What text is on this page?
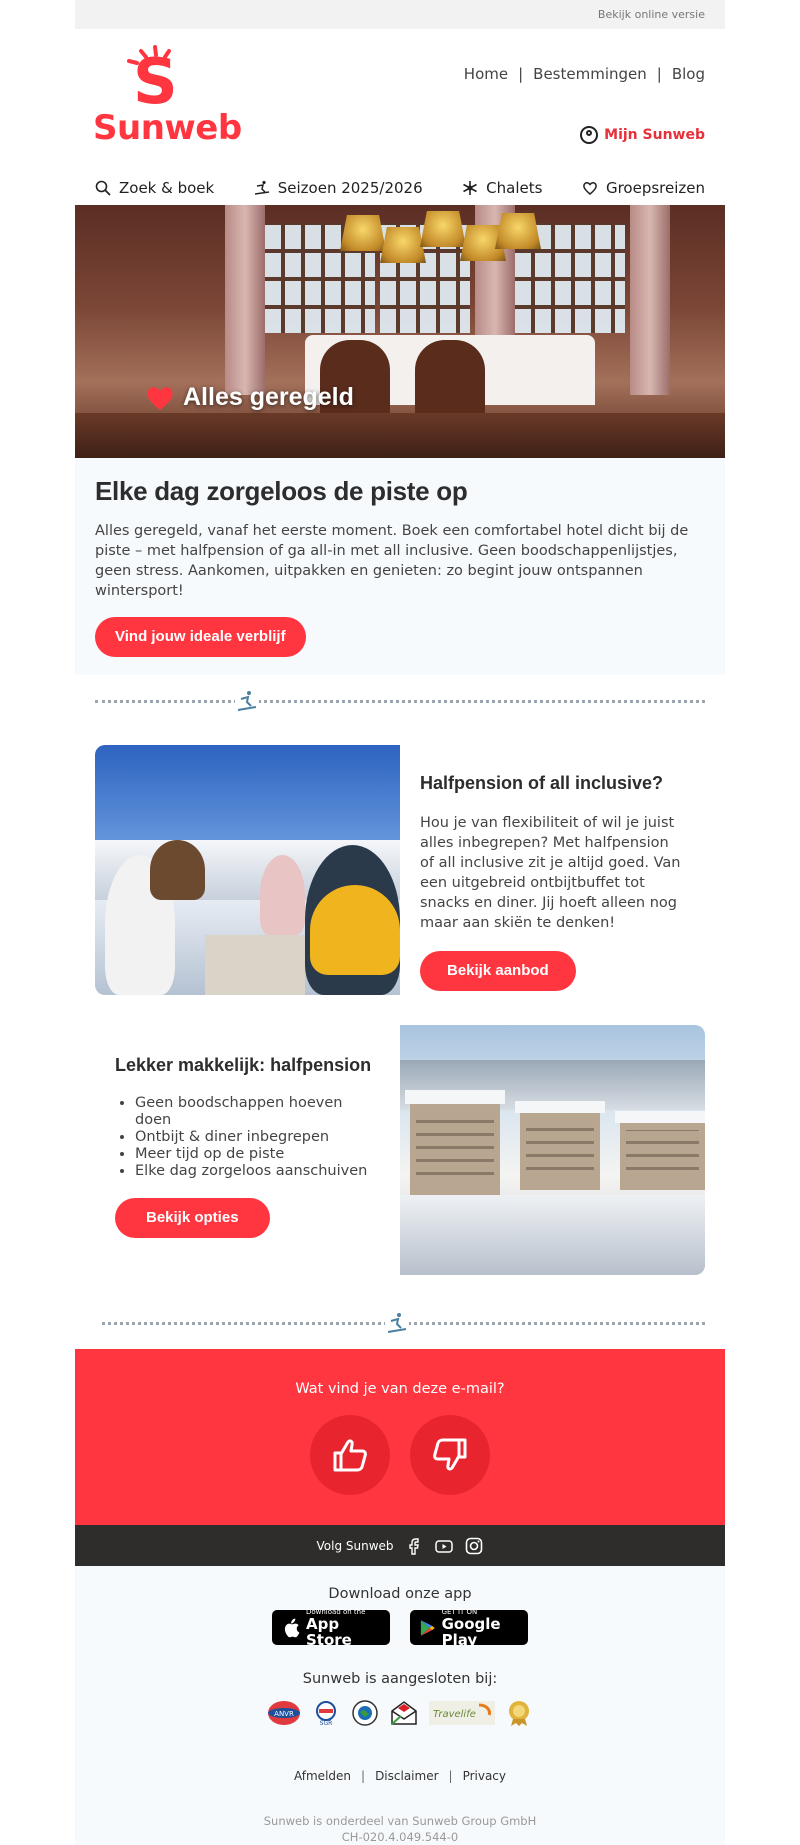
Bekijk online versie
S
Sunweb
Home | Bestemmingen | Blog
Mijn Sunweb
Zoek & boek	Seizoen 2025/2026	Chalets	Groepsreizen
Alles geregeld
Elke dag zorgeloos de piste op

Alles geregeld, vanaf het eerste moment. Boek een comfortabel hotel dicht bij de piste – met halfpension of ga all-in met all inclusive. Geen boodschappenlijstjes, geen stress. Aankomen, uitpakken en genieten: zo begint jouw ontspannen wintersport!

Vind jouw ideale verblijf
Halfpension of all inclusive?

Hou je van flexibiliteit of wil je juist alles inbegrepen? Met halfpension of all inclusive zit je altijd goed. Van een uitgebreid ontbijtbuffet tot snacks en diner. Jij hoeft alleen nog maar aan skiën te denken!

Bekijk aanbod
Lekker makkelijk: halfpension
• Geen boodschappen hoeven doen
• Ontbijt & diner inbegrepen
• Meer tijd op de piste
• Elke dag zorgeloos aanschuiven
Bekijk opties
Wat vind je van deze e-mail?
Volg Sunweb
Download onze app
Download on the
App Store
GET IT ON
Google Play
Sunweb is aangesloten bij:
ANVR
SGR
Travelife
Afmelden | Disclaimer | Privacy
Sunweb is onderdeel van Sunweb Group GmbH
CH-020.4.049.544-0
